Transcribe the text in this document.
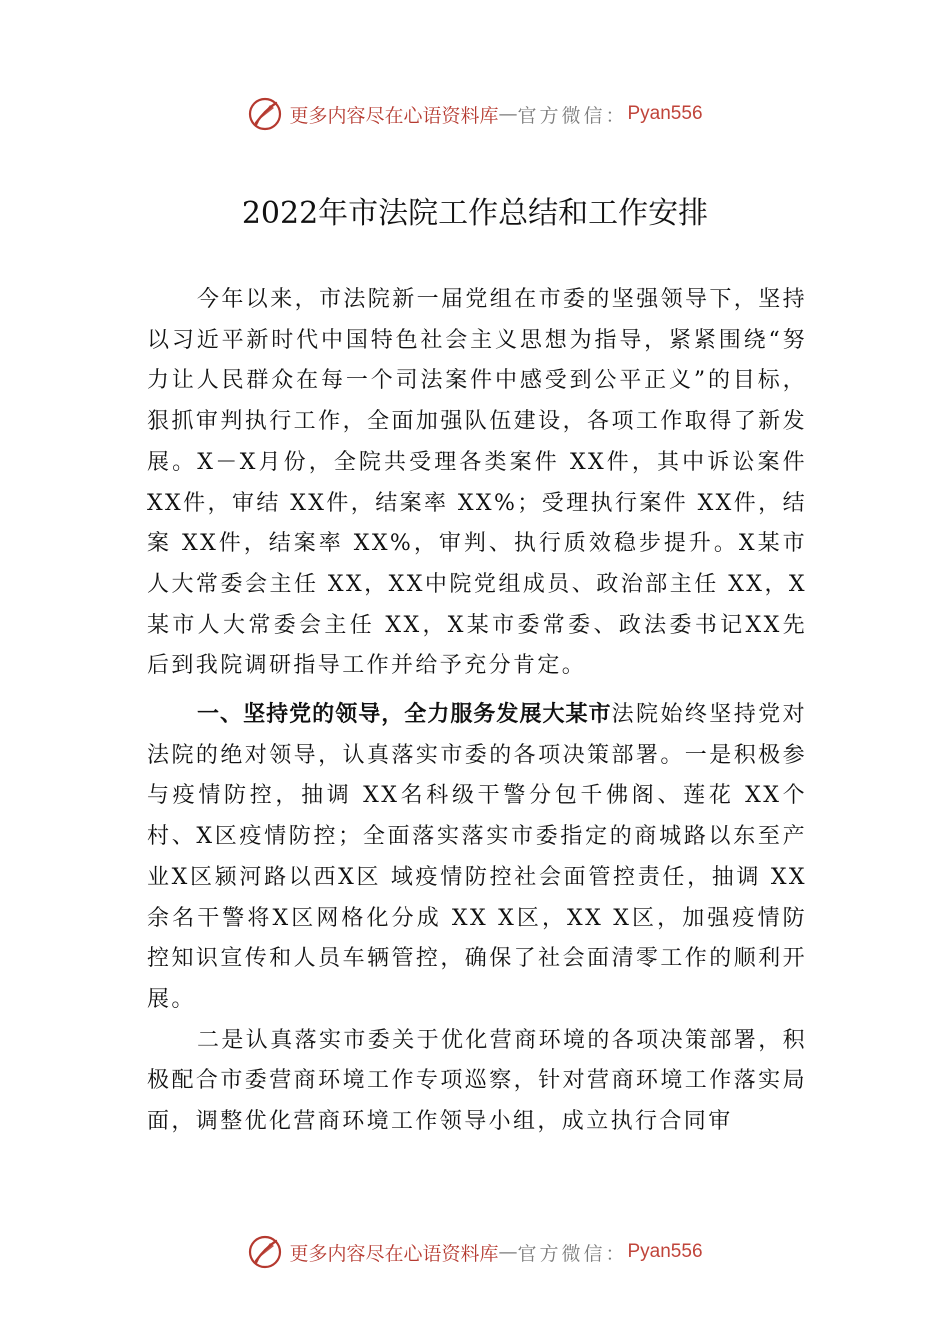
更多内容尽在心语资料库 — 官方微信： Pyan556
2022年市法院工作总结和工作安排

今年以来，市法院新一届党组在市委的坚强领导下，坚持以习近平新时代中国特色社会主义思想为指导，紧紧围绕“努力让人民群众在每一个司法案件中感受到公平正义”的目标，狠抓审判执行工作，全面加强队伍建设，各项工作取得了新发展。X－X月份，全院共受理各类案件 XX件，其中诉讼案件 XX件，审结 XX件，结案率 XX%；受理执行案件 XX件，结案 XX件，结案率 XX%，审判、执行质效稳步提升。X某市人大常委会主任 XX，XX中院党组成员、政治部主任 XX，X某市人大常委会主任 XX，X某市委常委、政法委书记XX先后到我院调研指导工作并给予充分肯定。

一、坚持党的领导，全力服务发展大某市法院始终坚持党对法院的绝对领导，认真落实市委的各项决策部署。一是积极参与疫情防控，抽调 XX名科级干警分包千佛阁、莲花 XX个村、X区疫情防控；全面落实落实市委指定的商城路以东至产业X区颍河路以西X区 域疫情防控社会面管控责任，抽调 XX余名干警将X区网格化分成 XX X区，XX X区，加强疫情防控知识宣传和人员车辆管控，确保了社会面清零工作的顺利开展。

二是认真落实市委关于优化营商环境的各项决策部署，积极配合市委营商环境工作专项巡察，针对营商环境工作落实局面，调整优化营商环境工作领导小组，成立执行合同审

更多内容尽在心语资料库 — 官方微信： Pyan556
